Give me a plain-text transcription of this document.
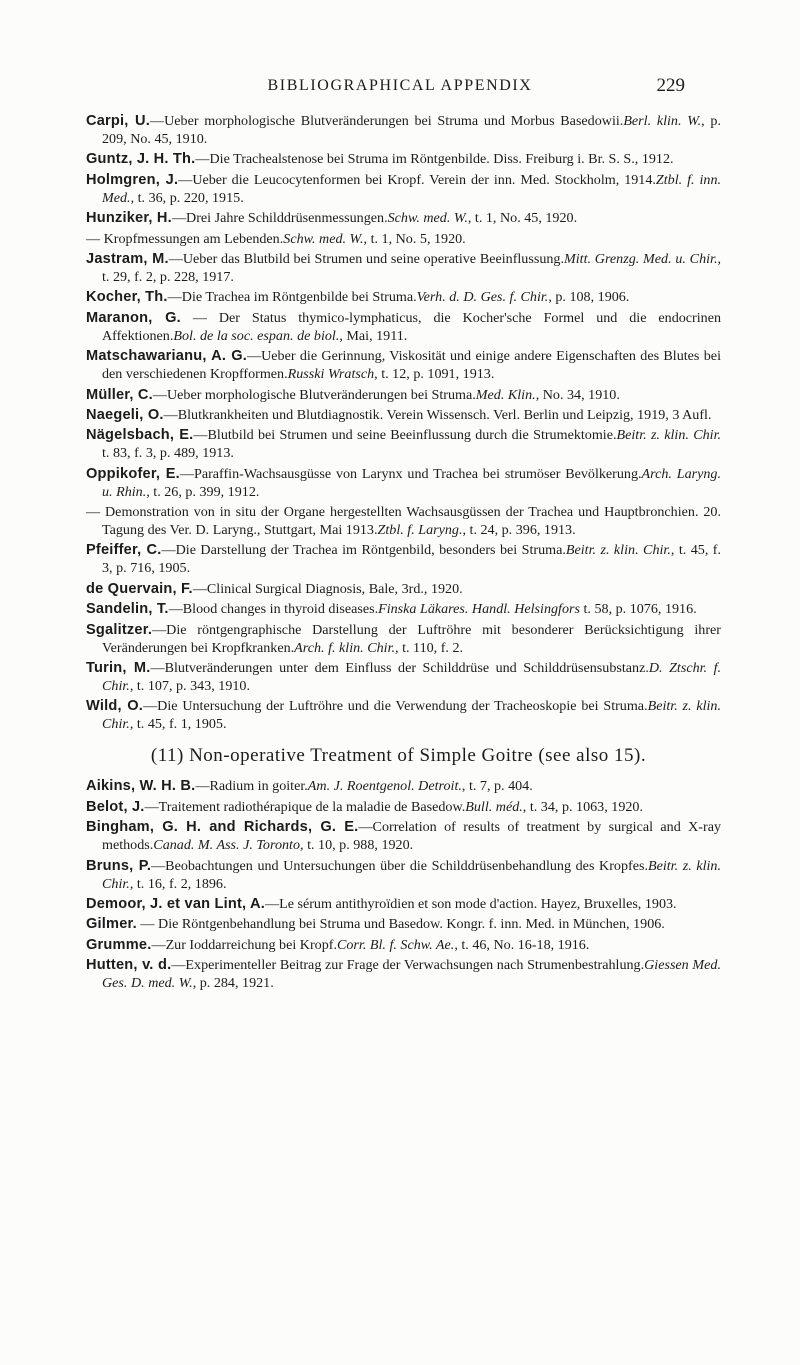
BIBLIOGRAPHICAL APPENDIX	229

Carpi, U.—Ueber morphologische Blutveränderungen bei Struma und Morbus Basedowii.Berl. klin. W., p. 209, No. 45, 1910.

Guntz, J. H. Th.—Die Trachealstenose bei Struma im Röntgenbilde. Diss. Freiburg i. Br. S. S., 1912.

Holmgren, J.—Ueber die Leucocytenformen bei Kropf. Verein der inn. Med. Stockholm, 1914.Ztbl. f. inn. Med., t. 36, p. 220, 1915.

Hunziker, H.—Drei Jahre Schilddrüsenmessungen.Schw. med. W., t. 1, No. 45, 1920.

— Kropfmessungen am Lebenden.Schw. med. W., t. 1, No. 5, 1920.

Jastram, M.—Ueber das Blutbild bei Strumen und seine operative Beeinflussung.Mitt. Grenzg. Med. u. Chir., t. 29, f. 2, p. 228, 1917.

Kocher, Th.—Die Trachea im Röntgenbilde bei Struma.Verh. d. D. Ges. f. Chir., p. 108, 1906.

Maranon, G. — Der Status thymico-lymphaticus, die Kocher'sche Formel und die endocrinen Affektionen.Bol. de la soc. espan. de biol., Mai, 1911.

Matschawarianu, A. G.—Ueber die Gerinnung, Viskosität und einige andere Eigenschaften des Blutes bei den verschiedenen Kropfformen.Russki Wratsch, t. 12, p. 1091, 1913.

Müller, C.—Ueber morphologische Blutveränderungen bei Struma.Med. Klin., No. 34, 1910.

Naegeli, O.—Blutkrankheiten und Blutdiagnostik. Verein Wissensch. Verl. Berlin und Leipzig, 1919, 3 Aufl.

Nägelsbach, E.—Blutbild bei Strumen und seine Beeinflussung durch die Strumektomie.Beitr. z. klin. Chir. t. 83, f. 3, p. 489, 1913.

Oppikofer, E.—Paraffin-Wachsausgüsse von Larynx und Trachea bei strumöser Bevölkerung.Arch. Laryng. u. Rhin., t. 26, p. 399, 1912.

— Demonstration von in situ der Organe hergestellten Wachsausgüssen der Trachea und Hauptbronchien. 20. Tagung des Ver. D. Laryng., Stuttgart, Mai 1913.Ztbl. f. Laryng., t. 24, p. 396, 1913.

Pfeiffer, C.—Die Darstellung der Trachea im Röntgenbild, besonders bei Struma.Beitr. z. klin. Chir., t. 45, f. 3, p. 716, 1905.

de Quervain, F.—Clinical Surgical Diagnosis, Bale, 3rd., 1920.

Sandelin, T.—Blood changes in thyroid diseases.Finska Läkares. Handl. Helsingfors t. 58, p. 1076, 1916.

Sgalitzer.—Die röntgengraphische Darstellung der Luftröhre mit besonderer Berücksichtigung ihrer Veränderungen bei Kropfkranken.Arch. f. klin. Chir., t. 110, f. 2.

Turin, M.—Blutveränderungen unter dem Einfluss der Schilddrüse und Schilddrüsensubstanz.D. Ztschr. f. Chir., t. 107, p. 343, 1910.

Wild, O.—Die Untersuchung der Luftröhre und die Verwendung der Tracheoskopie bei Struma.Beitr. z. klin. Chir., t. 45, f. 1, 1905.

(11) Non-operative Treatment of Simple Goitre (see also 15).

Aikins, W. H. B.—Radium in goiter.Am. J. Roentgenol. Detroit., t. 7, p. 404.

Belot, J.—Traitement radiothérapique de la maladie de Basedow.Bull. méd., t. 34, p. 1063, 1920.

Bingham, G. H. and Richards, G. E.—Correlation of results of treatment by surgical and X-ray methods.Canad. M. Ass. J. Toronto, t. 10, p. 988, 1920.

Bruns, P.—Beobachtungen und Untersuchungen über die Schilddrüsenbehandlung des Kropfes.Beitr. z. klin. Chir., t. 16, f. 2, 1896.

Demoor, J. et van Lint, A.—Le sérum antithyroïdien et son mode d'action. Hayez, Bruxelles, 1903.

Gilmer. — Die Röntgenbehandlung bei Struma und Basedow. Kongr. f. inn. Med. in München, 1906.

Grumme.—Zur Ioddarreichung bei Kropf.Corr. Bl. f. Schw. Ae., t. 46, No. 16-18, 1916.

Hutten, v. d.—Experimenteller Beitrag zur Frage der Verwachsungen nach Strumenbestrahlung.Giessen Med. Ges. D. med. W., p. 284, 1921.
